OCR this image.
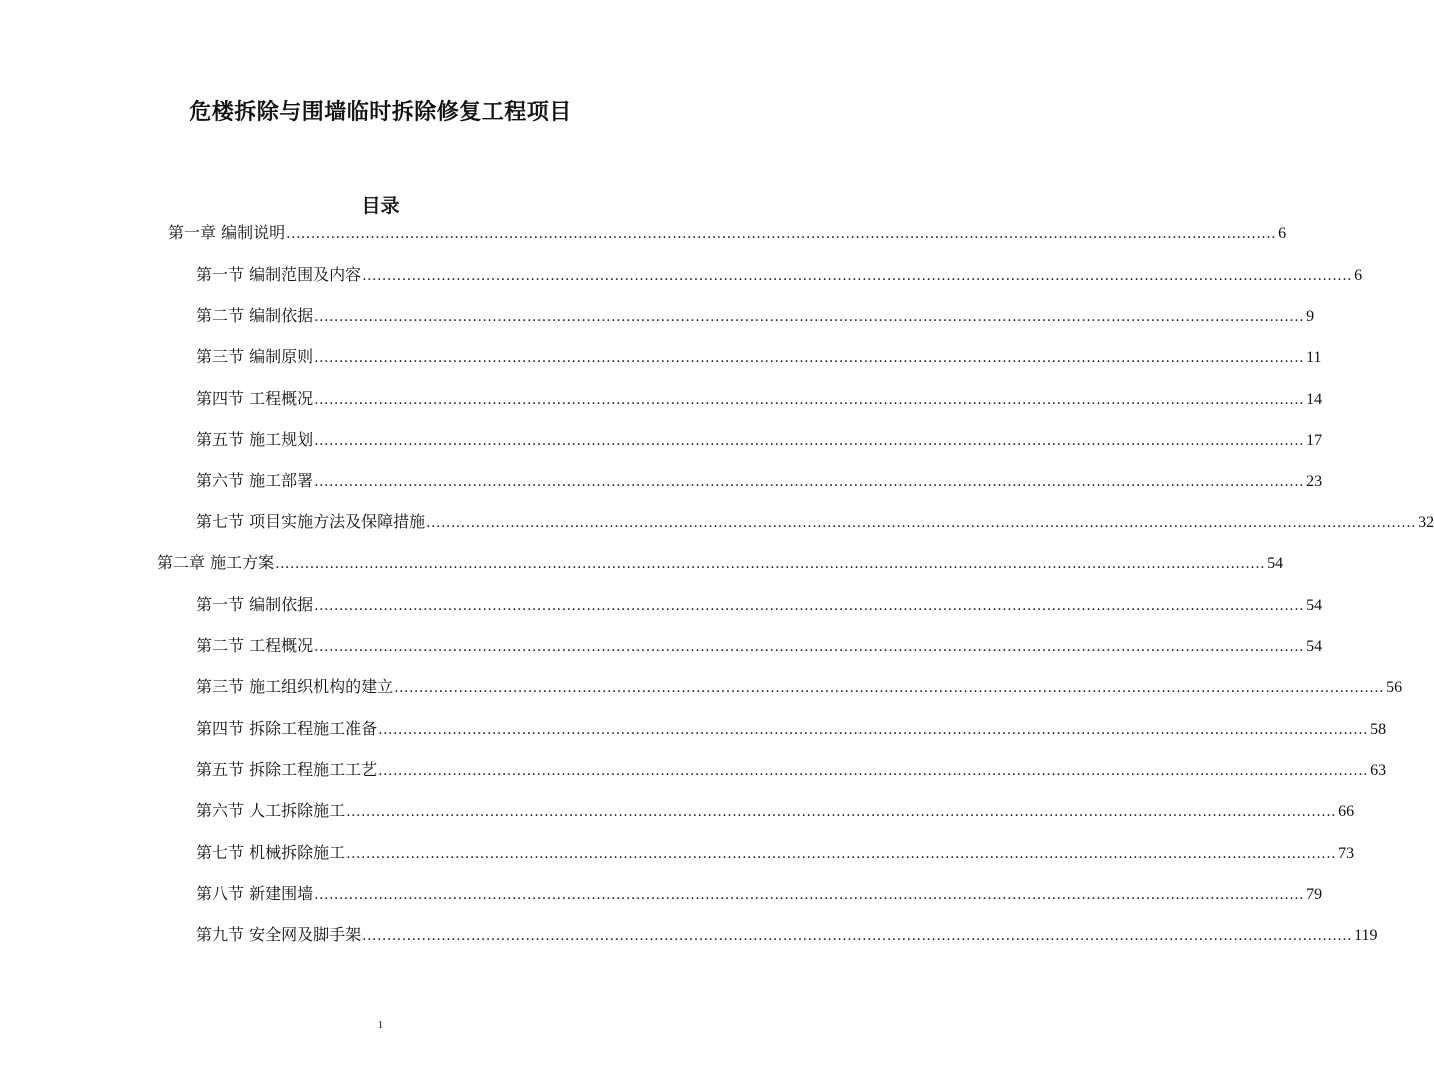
危楼拆除与围墙临时拆除修复工程项目
目录
第一章 编制说明 ........................................................................................................................................................................................................ 6
第一节 编制范围及内容 ........................................................................................................................................................................................................ 6
第二节 编制依据 ........................................................................................................................................................................................................ 9
第三节 编制原则 ........................................................................................................................................................................................................ 11
第四节 工程概况 ........................................................................................................................................................................................................ 14
第五节 施工规划 ........................................................................................................................................................................................................ 17
第六节 施工部署 ........................................................................................................................................................................................................ 23
第七节 项目实施方法及保障措施 ........................................................................................................................................................................................................ 32
第二章 施工方案 ........................................................................................................................................................................................................ 54
第一节 编制依据 ........................................................................................................................................................................................................ 54
第二节 工程概况 ........................................................................................................................................................................................................ 54
第三节 施工组织机构的建立 ........................................................................................................................................................................................................ 56
第四节 拆除工程施工准备 ........................................................................................................................................................................................................ 58
第五节 拆除工程施工工艺 ........................................................................................................................................................................................................ 63
第六节 人工拆除施工 ........................................................................................................................................................................................................ 66
第七节 机械拆除施工 ........................................................................................................................................................................................................ 73
第八节 新建围墙 ........................................................................................................................................................................................................ 79
第九节 安全网及脚手架 ........................................................................................................................................................................................................ 119
1
